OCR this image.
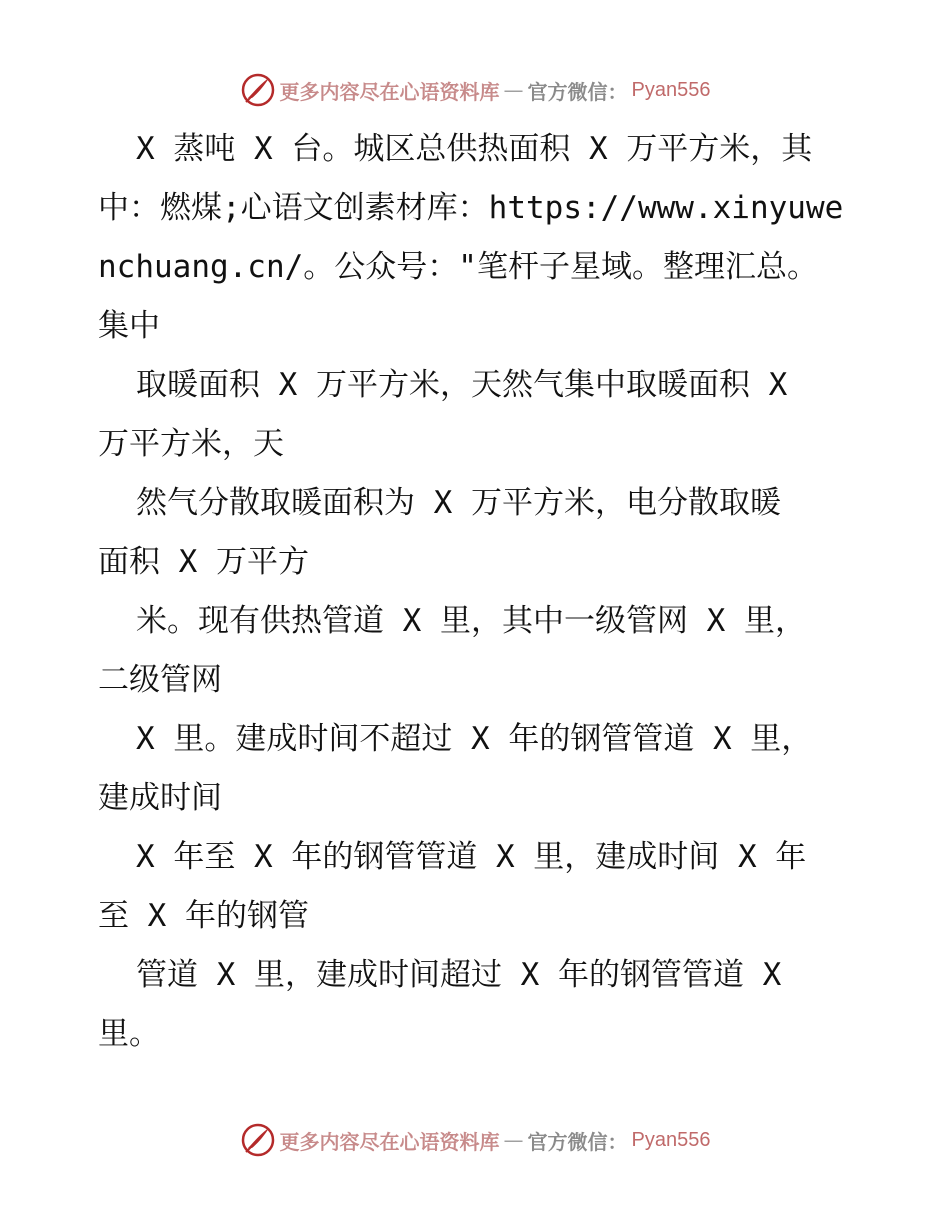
更多内容尽在心语资料库 — 官方微信： Pyan556
X 蒸吨 X 台。城区总供热面积 X 万平方米，其
中：燃煤;心语文创素材库：https://www.xinyuwe
nchuang.cn/。公众号："笔杆子星域。整理汇总。
集中
取暖面积 X 万平方米，天然气集中取暖面积 X
万平方米，天
然气分散取暖面积为 X 万平方米，电分散取暖
面积 X 万平方
米。现有供热管道 X 里，其中一级管网 X 里，
二级管网
X 里。建成时间不超过 X 年的钢管管道 X 里，
建成时间
X 年至 X 年的钢管管道 X 里，建成时间 X 年
至 X 年的钢管
管道 X 里，建成时间超过 X 年的钢管管道 X
里。
更多内容尽在心语资料库 — 官方微信： Pyan556
